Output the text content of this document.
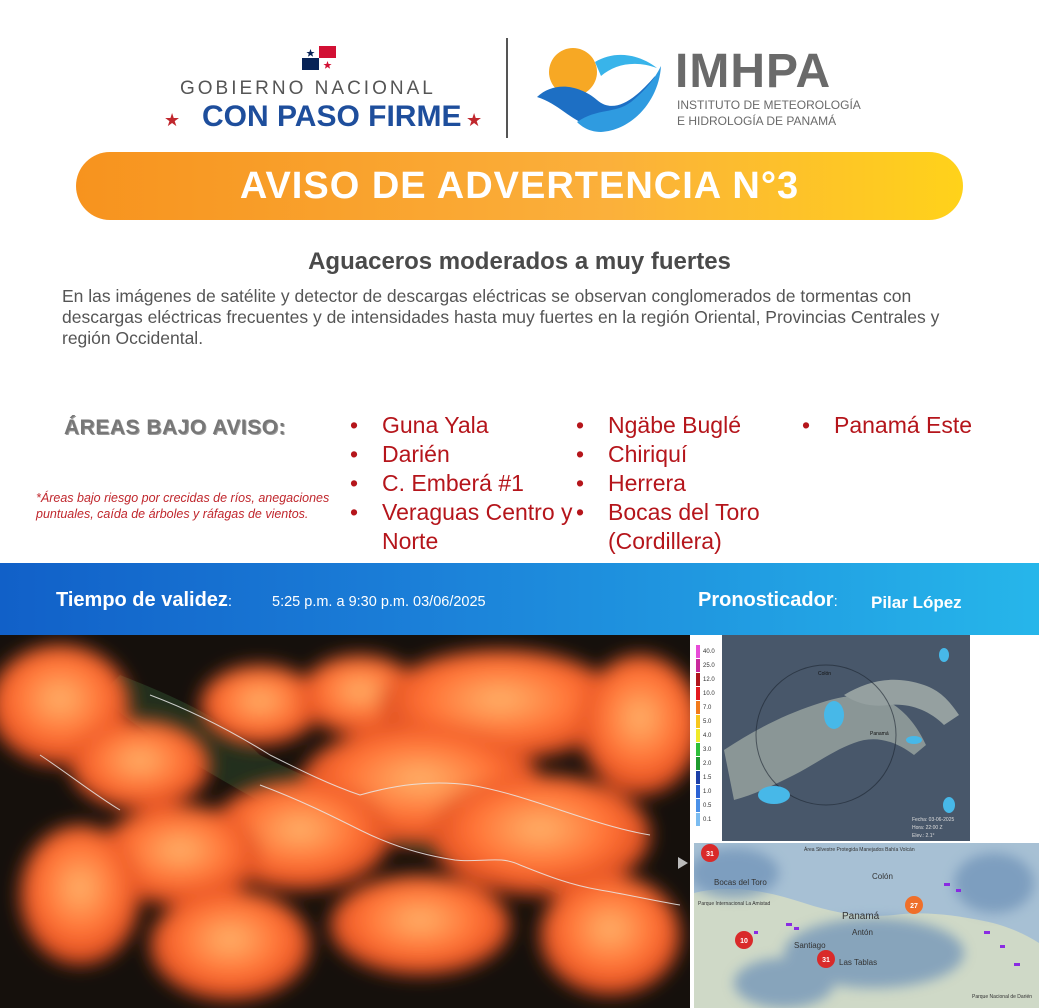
GOBIERNO NACIONAL
★ CON PASO FIRME ★
IMHPA
INSTITUTO DE METEOROLOGÍA
E HIDROLOGÍA DE PANAMÁ
AVISO DE ADVERTENCIA N°3
Aguaceros moderados a muy fuertes
En las imágenes de satélite y detector de descargas eléctricas se observan conglomerados de tormentas con descargas eléctricas frecuentes y de intensidades hasta muy fuertes en la región Oriental, Provincias Centrales y región Occidental.
ÁREAS BAJO AVISO:
*Áreas bajo riesgo por crecidas de ríos, anegaciones puntuales, caída de árboles y ráfagas de vientos.
• Guna Yala
• Darién
• C. Emberá #1
• Veraguas Centro y Norte
• Ngäbe Buglé
• Chiriquí
• Herrera
• Bocas del Toro (Cordillera)
• Panamá Este
Tiempo de validez:	5:25 p.m. a 9:30 p.m. 03/06/2025	Pronosticador: Pilar López
40.0
25.0
12.0
10.0
7.0
5.0
4.0
3.0
2.0
1.5
1.0
0.5
0.1
Colón
Panamá
Fecha: 03-06-2025
Hora: 22:00 Z
Elev.: 2.1°
Bocas del Toro
Colón
Panamá
Santiago
Antón
Las Tablas
Área Silvestre Protegida Manejados Bahía Volcán
Parque Nacional de Darién
Parque Internacional La Amistad
31
27
10
31
